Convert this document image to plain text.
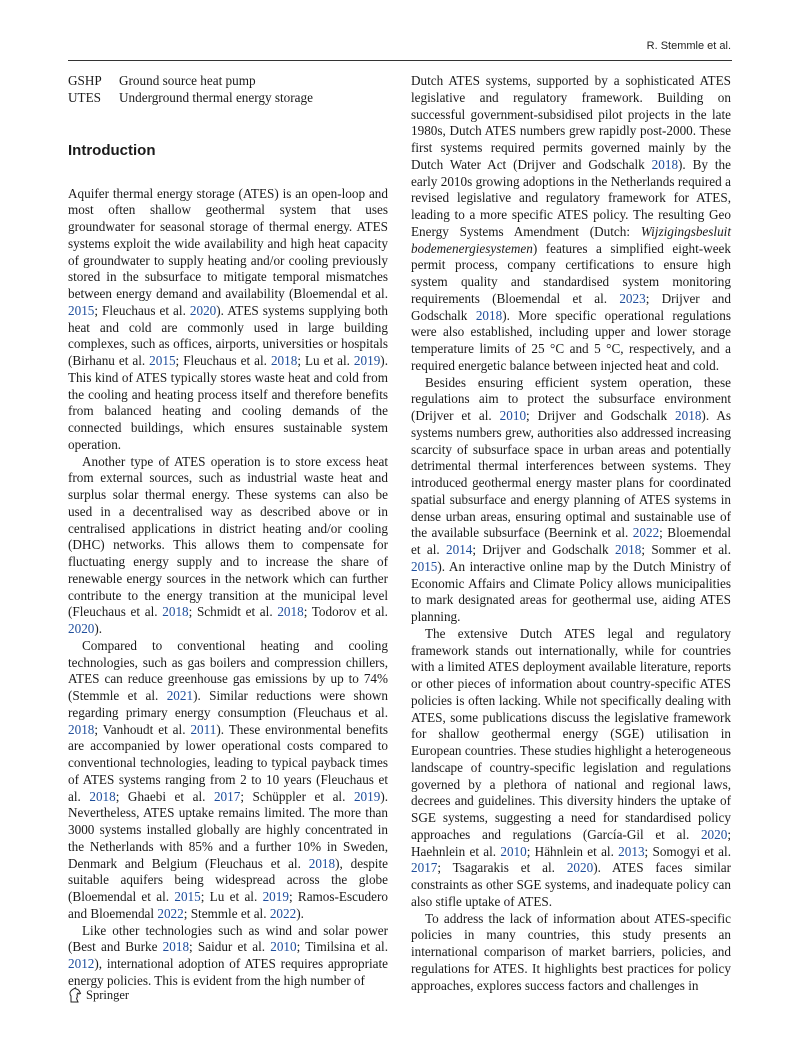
R. Stemmle et al.
GSHP	Ground source heat pump
UTES	Underground thermal energy storage
Introduction

Aquifer thermal energy storage (ATES) is an open-loop and most often shallow geothermal system that uses groundwater for seasonal storage of thermal energy. ATES systems exploit the wide availability and high heat capacity of groundwater to supply heating and/or cooling previously stored in the subsurface to mitigate temporal mismatches between energy demand and availability (Bloemendal et al. 2015; Fleuchaus et al. 2020). ATES systems supplying both heat and cold are commonly used in large building complexes, such as offices, airports, universities or hospitals (Birhanu et al. 2015; Fleuchaus et al. 2018; Lu et al. 2019). This kind of ATES typically stores waste heat and cold from the cooling and heating process itself and therefore benefits from balanced heating and cooling demands of the connected buildings, which ensures sustainable system operation.

Another type of ATES operation is to store excess heat from external sources, such as industrial waste heat and surplus solar thermal energy. These systems can also be used in a decentralised way as described above or in centralised applications in district heating and/or cooling (DHC) networks. This allows them to compensate for fluctuating energy supply and to increase the share of renewable energy sources in the network which can further contribute to the energy transition at the municipal level (Fleuchaus et al. 2018; Schmidt et al. 2018; Todorov et al. 2020).

Compared to conventional heating and cooling technologies, such as gas boilers and compression chillers, ATES can reduce greenhouse gas emissions by up to 74% (Stemmle et al. 2021). Similar reductions were shown regarding primary energy consumption (Fleuchaus et al. 2018; Vanhoudt et al. 2011). These environmental benefits are accompanied by lower operational costs compared to conventional technologies, leading to typical payback times of ATES systems ranging from 2 to 10 years (Fleuchaus et al. 2018; Ghaebi et al. 2017; Schüppler et al. 2019). Nevertheless, ATES uptake remains limited. The more than 3000 systems installed globally are highly concentrated in the Netherlands with 85% and a further 10% in Sweden, Denmark and Belgium (Fleuchaus et al. 2018), despite suitable aquifers being widespread across the globe (Bloemendal et al. 2015; Lu et al. 2019; Ramos-Escudero and Bloemendal 2022; Stemmle et al. 2022).

Like other technologies such as wind and solar power (Best and Burke 2018; Saidur et al. 2010; Timilsina et al. 2012), international adoption of ATES requires appropriate energy policies. This is evident from the high number of

Dutch ATES systems, supported by a sophisticated ATES legislative and regulatory framework. Building on successful government-subsidised pilot projects in the late 1980s, Dutch ATES numbers grew rapidly post-2000. These first systems required permits governed mainly by the Dutch Water Act (Drijver and Godschalk 2018). By the early 2010s growing adoptions in the Netherlands required a revised legislative and regulatory framework for ATES, leading to a more specific ATES policy. The resulting Geo Energy Systems Amendment (Dutch: Wijzigingsbesluit bodemenergiesystemen) features a simplified eight-week permit process, company certifications to ensure high system quality and standardised system monitoring requirements (Bloemendal et al. 2023; Drijver and Godschalk 2018). More specific operational regulations were also established, including upper and lower storage temperature limits of 25 °C and 5 °C, respectively, and a required energetic balance between injected heat and cold.

Besides ensuring efficient system operation, these regulations aim to protect the subsurface environment (Drijver et al. 2010; Drijver and Godschalk 2018). As systems numbers grew, authorities also addressed increasing scarcity of subsurface space in urban areas and potentially detrimental thermal interferences between systems. They introduced geothermal energy master plans for coordinated spatial subsurface and energy planning of ATES systems in dense urban areas, ensuring optimal and sustainable use of the available subsurface (Beernink et al. 2022; Bloemendal et al. 2014; Drijver and Godschalk 2018; Sommer et al. 2015). An interactive online map by the Dutch Ministry of Economic Affairs and Climate Policy allows municipalities to mark designated areas for geothermal use, aiding ATES planning.

The extensive Dutch ATES legal and regulatory framework stands out internationally, while for countries with a limited ATES deployment available literature, reports or other pieces of information about country-specific ATES policies is often lacking. While not specifically dealing with ATES, some publications discuss the legislative framework for shallow geothermal energy (SGE) utilisation in European countries. These studies highlight a heterogeneous landscape of country-specific legislation and regulations governed by a plethora of national and regional laws, decrees and guidelines. This diversity hinders the uptake of SGE systems, suggesting a need for standardised policy approaches and regulations (García-Gil et al. 2020; Haehnlein et al. 2010; Hähnlein et al. 2013; Somogyi et al. 2017; Tsagarakis et al. 2020). ATES faces similar constraints as other SGE systems, and inadequate policy can also stifle uptake of ATES.

To address the lack of information about ATES-specific policies in many countries, this study presents an international comparison of market barriers, policies, and regulations for ATES. It highlights best practices for policy approaches, explores success factors and challenges in

Springer
